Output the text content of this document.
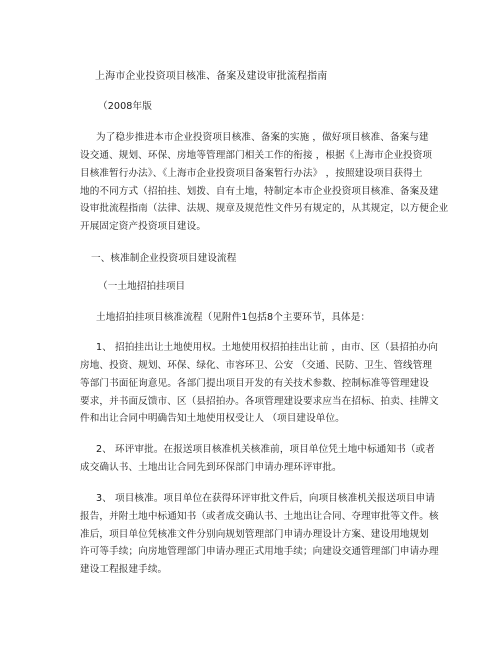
上海市企业投资项目核准、备案及建设审批流程指南
（2008年版
为了稳步推进本市企业投资项目核准、备案的实施 ，做好项目核准、备案与建
设交通、规划、环保、房地等管理部门相关工作的衔接 ，根据《上海市企业投资项
目核准暂行办法》、《上海市企业投资项目备案暂行办法》 ，按照建设项目获得土
地的不同方式（招拍挂、划拨、自有土地，特制定本市企业投资项目核准、备案及建
设审批流程指南（法律、法规、规章及规范性文件另有规定的，从其规定，以方便企业
开展固定资产投资项目建设。
一、核准制企业投资项目建设流程
（一土地招拍挂项目
土地招拍挂项目核准流程（见附件1包括8个主要环节，具体是：
1、 招拍挂出让土地使用权。土地使用权招拍挂出让前 ，由市、区（县招拍办向
房地、投资、规划、环保、绿化、市容环卫、公安 （交通、民防、卫生、管线管理
等部门书面征询意见。各部门提出项目开发的有关技术参数、控制标准等管理建设
要求，并书面反馈市、区（县招拍办。各项管理建设要求应当在招标、拍卖、挂牌文
件和出让合同中明确告知土地使用权受让人 （项目建设单位。
2、 环评审批。在报送项目核准机关核准前，项目单位凭土地中标通知书（或者
成交确认书、土地出让合同先到环保部门申请办理环评审批。
3、 项目核准。项目单位在获得环评审批文件后，向项目核准机关报送项目申请
报告，并附土地中标通知书（或者成交确认书、土地出让合同、夺理审批等文件。核
准后，项目单位凭核准文件分别向规划管理部门申请办理设计方案、建设用地规划
许可等手续；向房地管理部门申请办理正式用地手续；向建设交通管理部门申请办理
建设工程报建手续。
